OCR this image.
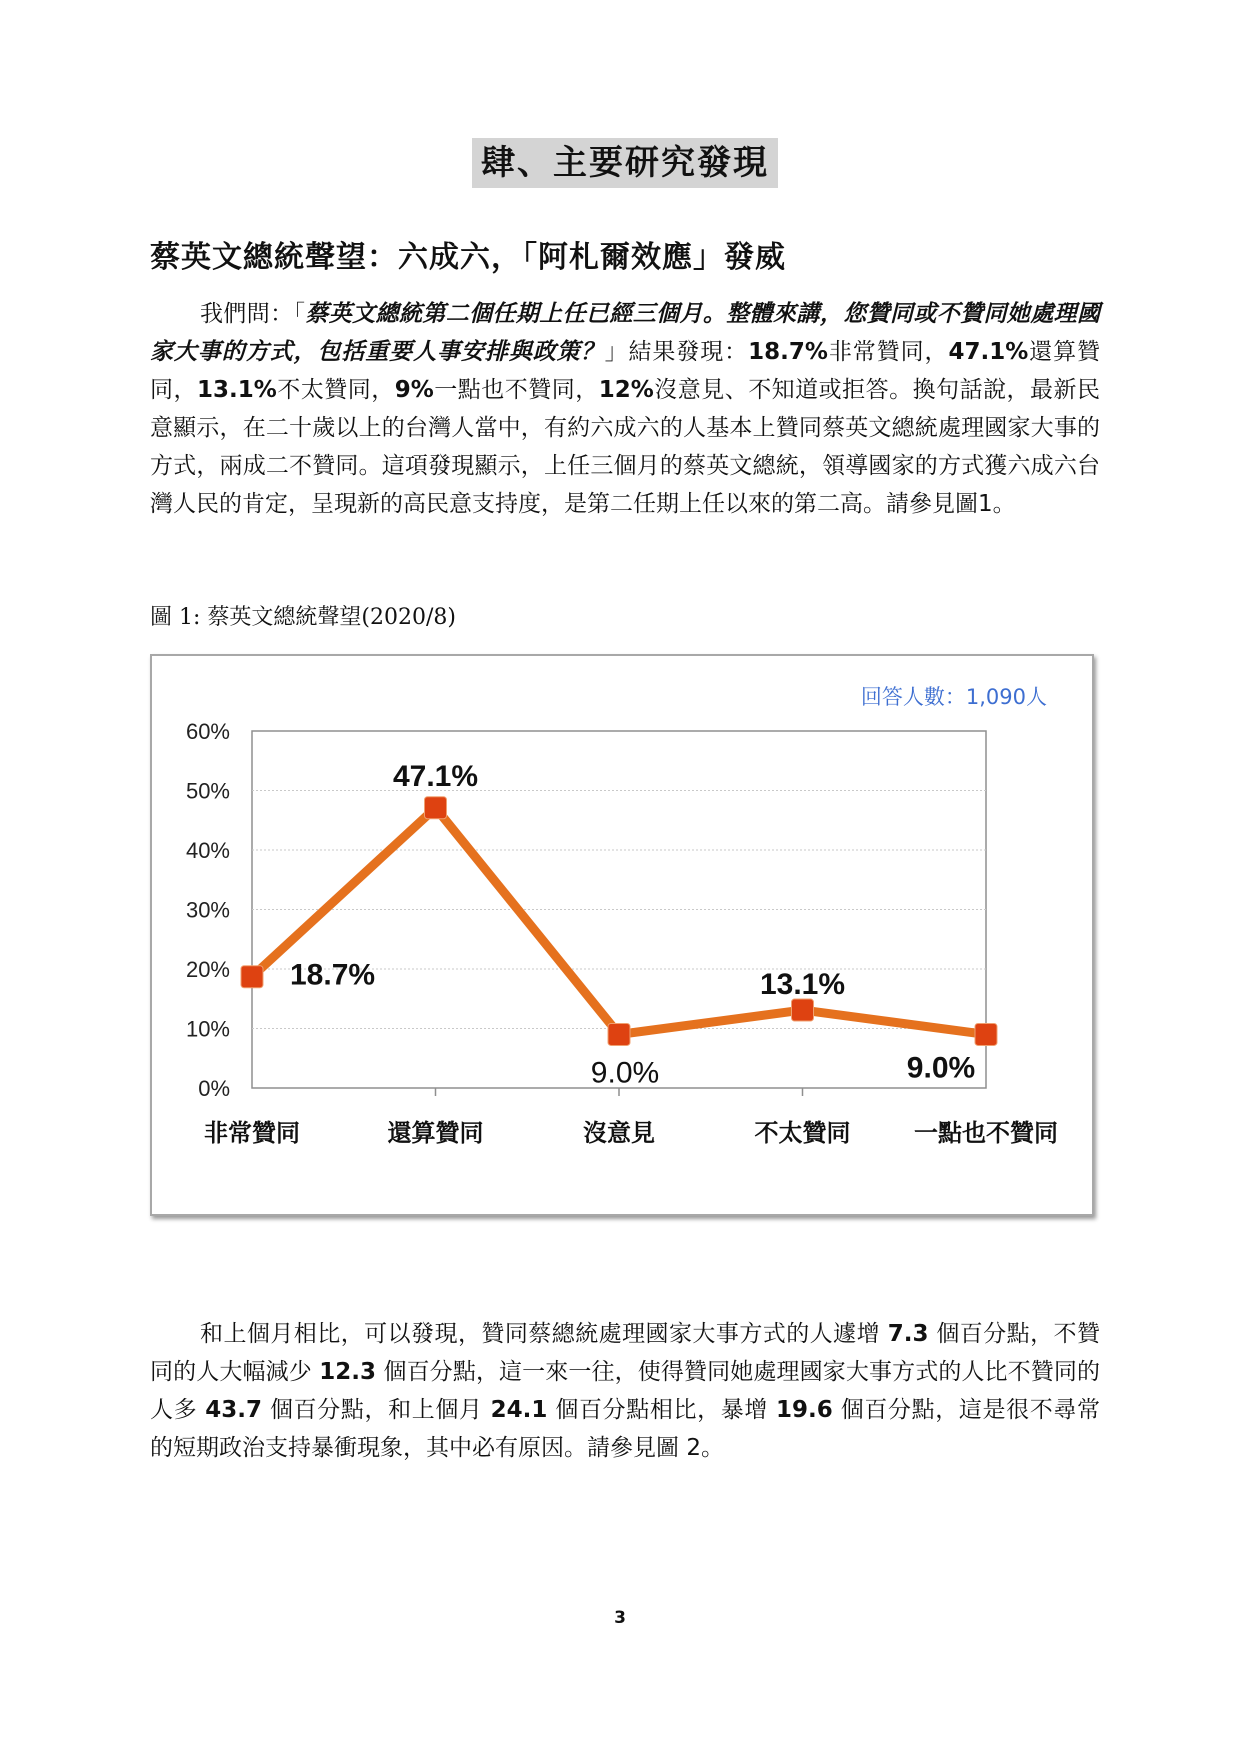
肆、主要研究發現
蔡英文總統聲望：六成六，「阿札爾效應」發威

我們問：「蔡英文總統第二個任期上任已經三個月。整體來講，您贊同或不贊同她處理國家大事的方式，包括重要人事安排與政策？」結果發現：18.7%非常贊同，47.1%還算贊同，13.1%不太贊同，9%一點也不贊同，12%沒意見、不知道或拒答。換句話說，最新民意顯示，在二十歲以上的台灣人當中，有約六成六的人基本上贊同蔡英文總統處理國家大事的方式，兩成二不贊同。這項發現顯示，上任三個月的蔡英文總統，領導國家的方式獲六成六台灣人民的肯定，呈現新的高民意支持度，是第二任期上任以來的第二高。請參見圖1。

圖 1: 蔡英文總統聲望(2020/8)
0%
10%
20%
30%
40%
50%
60%
非常贊同	還算贊同	沒意見	不太贊同	一點也不贊同
18.7%
47.1%
9.0%
13.1%
9.0%
回答人數：1,090人

和上個月相比，可以發現，贊同蔡總統處理國家大事方式的人遽增 7.3 個百分點，不贊同的人大幅減少 12.3 個百分點，這一來一往，使得贊同她處理國家大事方式的人比不贊同的人多 43.7 個百分點，和上個月 24.1 個百分點相比，暴增 19.6 個百分點，這是很不尋常的短期政治支持暴衝現象，其中必有原因。請參見圖 2。

3
